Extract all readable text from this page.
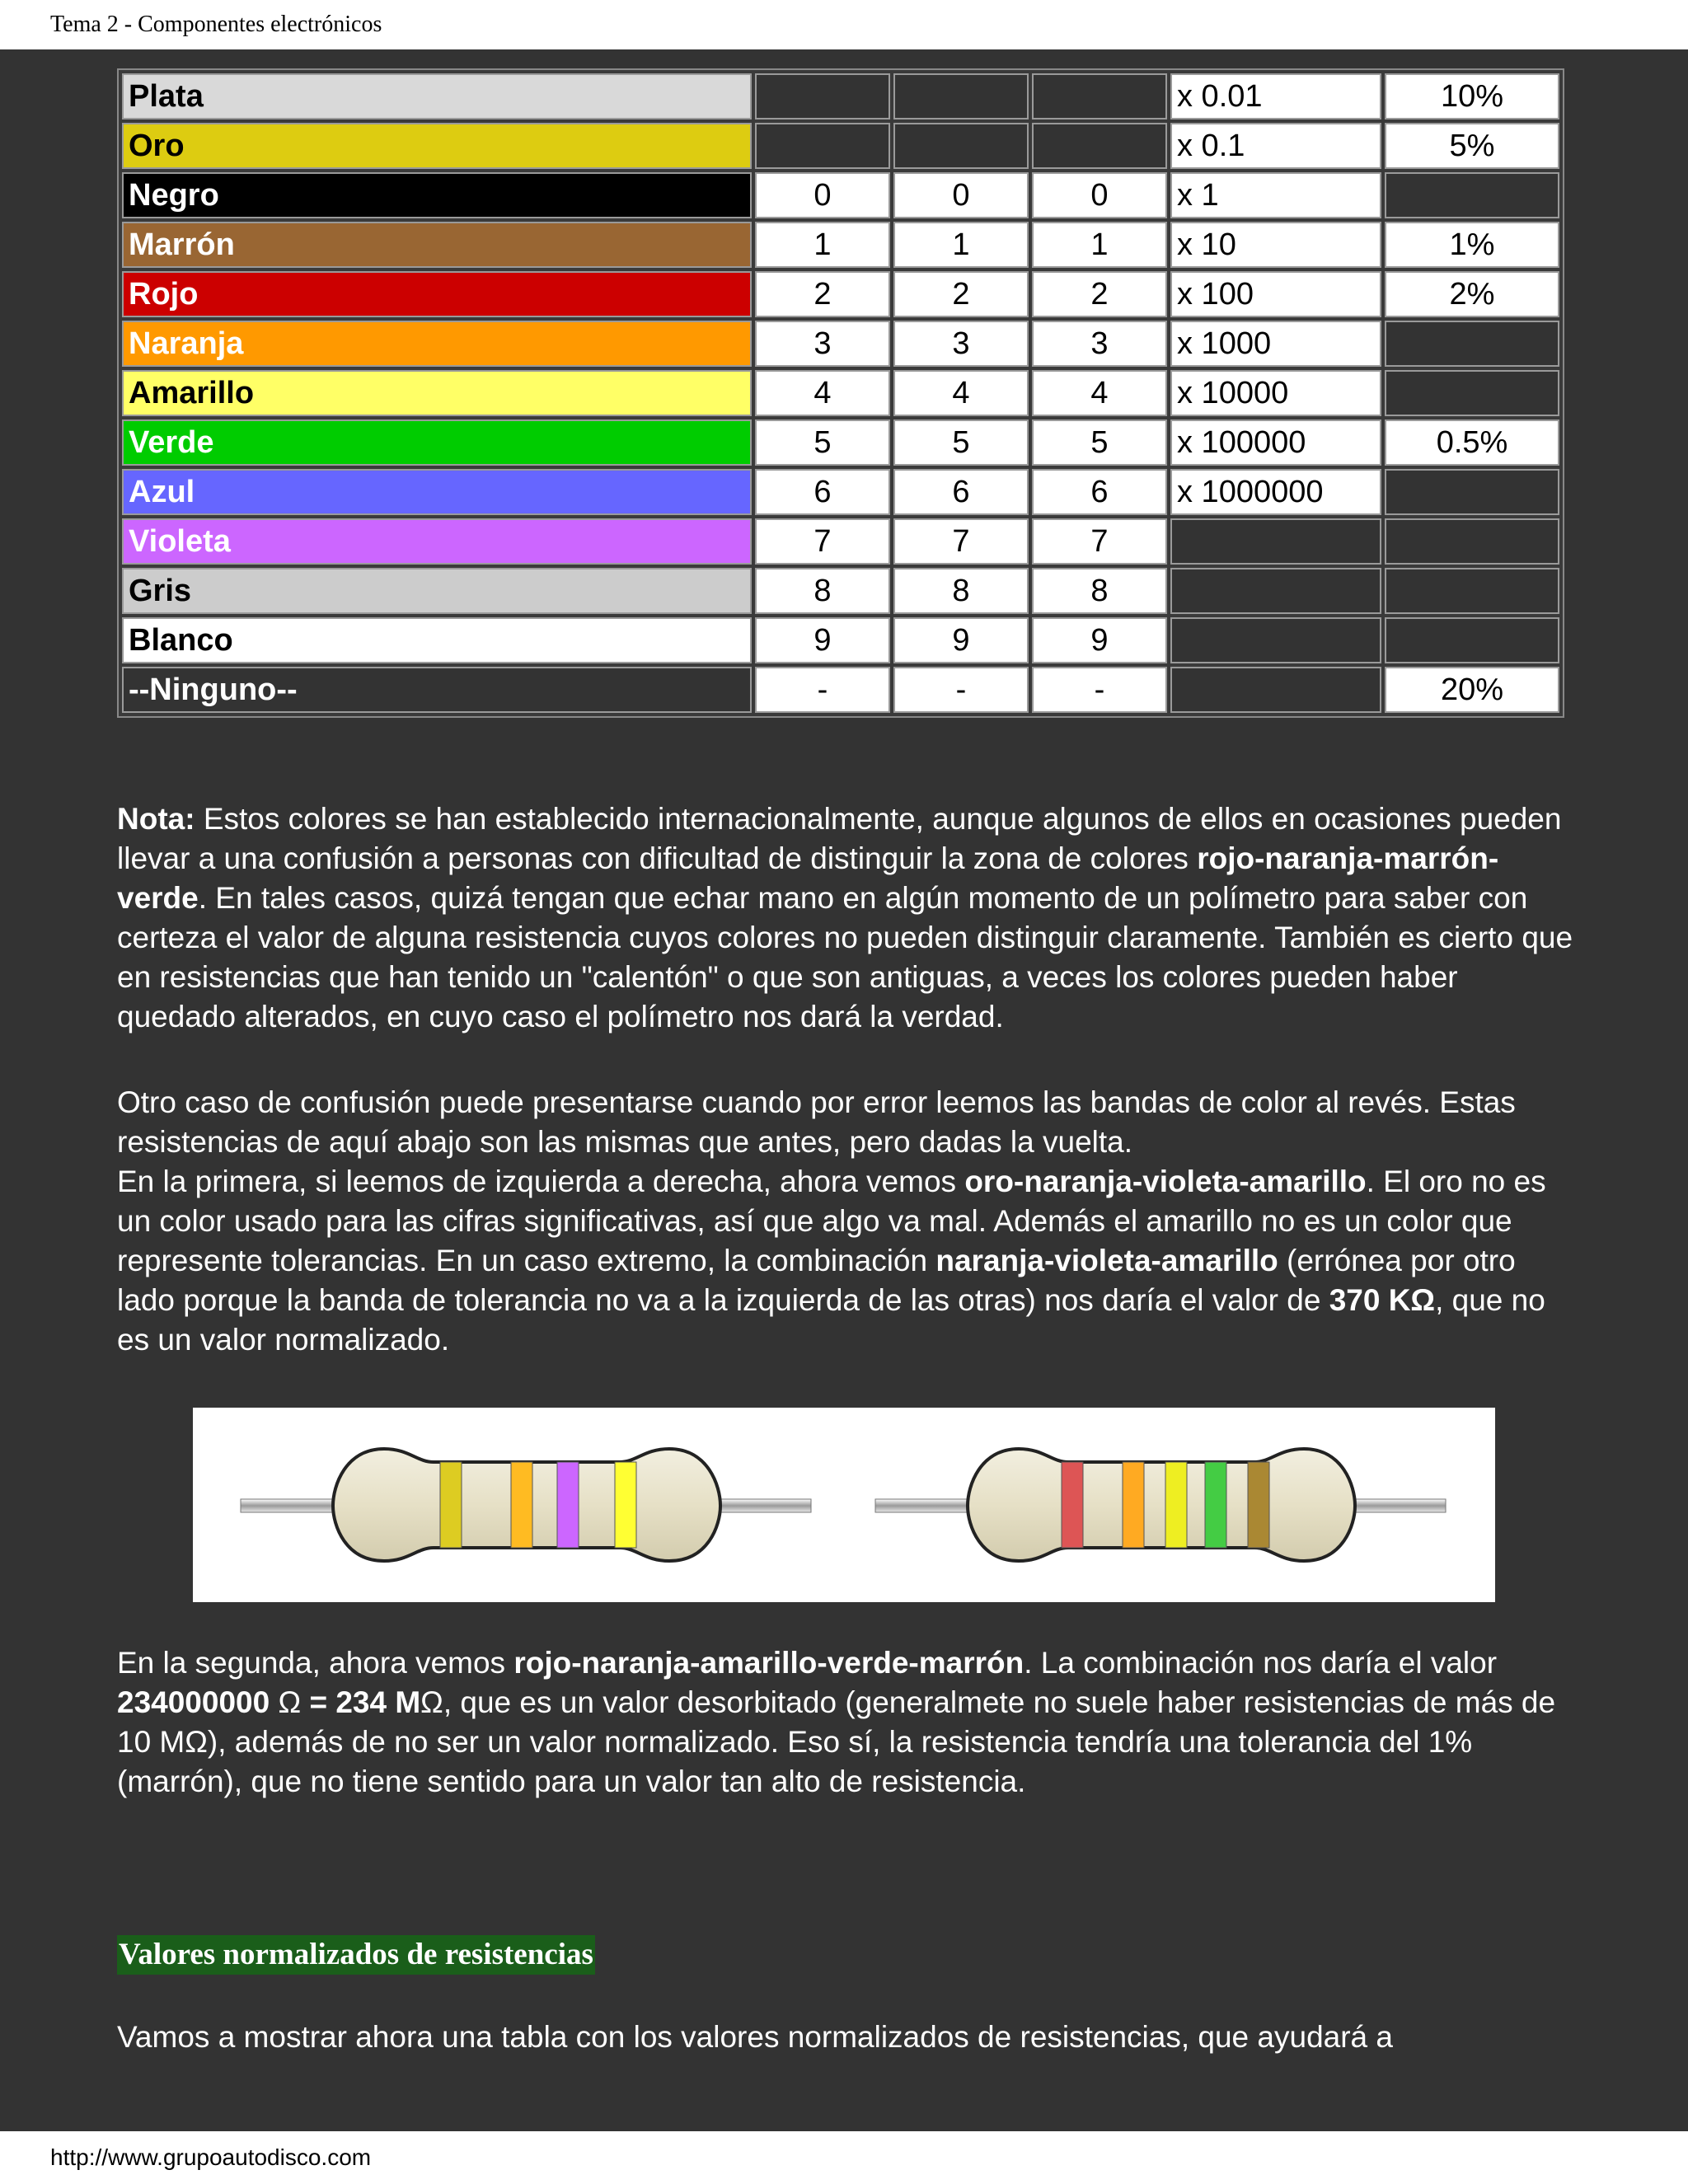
Tema 2 - Componentes electrónicos
Plata				x 0.01	10%
Oro				x 0.1	5%
Negro	0	0	0	x 1	
Marrón	1	1	1	x 10	1%
Rojo	2	2	2	x 100	2%
Naranja	3	3	3	x 1000	
Amarillo	4	4	4	x 10000	
Verde	5	5	5	x 100000	0.5%
Azul	6	6	6	x 1000000	
Violeta	7	7	7		
Gris	8	8	8		
Blanco	9	9	9		
--Ninguno--	-	-	-		20%
Nota: Estos colores se han establecido internacionalmente, aunque algunos de ellos en ocasiones pueden llevar a una confusión a personas con dificultad de distinguir la zona de colores rojo-naranja-marrón-verde. En tales casos, quizá tengan que echar mano en algún momento de un polímetro para saber con certeza el valor de alguna resistencia cuyos colores no pueden distinguir claramente. También es cierto que en resistencias que han tenido un "calentón" o que son antiguas, a veces los colores pueden haber quedado alterados, en cuyo caso el polímetro nos dará la verdad.
Otro caso de confusión puede presentarse cuando por error leemos las bandas de color al revés. Estas resistencias de aquí abajo son las mismas que antes, pero dadas la vuelta.
En la primera, si leemos de izquierda a derecha, ahora vemos oro-naranja-violeta-amarillo. El oro no es un color usado para las cifras significativas, así que algo va mal. Además el amarillo no es un color que represente tolerancias. En un caso extremo, la combinación naranja-violeta-amarillo (errónea por otro lado porque la banda de tolerancia no va a la izquierda de las otras) nos daría el valor de 370 KΩ, que no es un valor normalizado.
En la segunda, ahora vemos rojo-naranja-amarillo-verde-marrón. La combinación nos daría el valor 234000000 Ω = 234 MΩ, que es un valor desorbitado (generalmete no suele haber resistencias de más de 10 MΩ), además de no ser un valor normalizado. Eso sí, la resistencia tendría una tolerancia del 1% (marrón), que no tiene sentido para un valor tan alto de resistencia.
Valores normalizados de resistencias
Vamos a mostrar ahora una tabla con los valores normalizados de resistencias, que ayudará a
http://www.grupoautodisco.com
